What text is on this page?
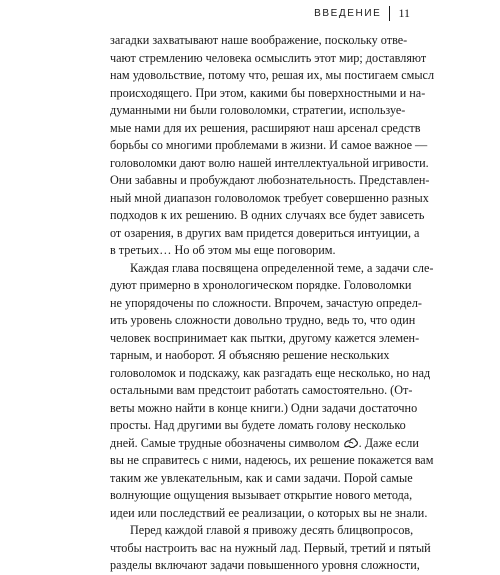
ВВЕДЕНИЕ 11
загадки захватывают наше воображение, поскольку отве-
чают стремлению человека осмыслить этот мир; доставляют
нам удовольствие, потому что, решая их, мы постигаем смысл
происходящего. При этом, какими бы поверхностными и на-
думанными ни были головоломки, стратегии, используе-
мые нами для их решения, расширяют наш арсенал средств
борьбы со многими проблемами в жизни. И самое важное —
головоломки дают волю нашей интеллектуальной игривости.
Они забавны и пробуждают любознательность. Представлен-
ный мной диапазон головоломок требует совершенно разных
подходов к их решению. В одних случаях все будет зависеть
от озарения, в других вам придется довериться интуиции, а
в третьих… Но об этом мы еще поговорим.
Каждая глава посвящена определенной теме, а задачи сле-
дуют примерно в хронологическом порядке. Головоломки
не упорядочены по сложности. Впрочем, зачастую определ-
ить уровень сложности довольно трудно, ведь то, что один
человек воспринимает как пытки, другому кажется элемен-
тарным, и наоборот. Я объясняю решение нескольких
головоломок и подскажу, как разгадать еще несколько, но над
остальными вам предстоит работать самостоятельно. (От-
веты можно найти в конце книги.) Одни задачи достаточно
просты. Над другими вы будете ломать голову несколько
дней. Самые трудные обозначены символом . Даже если
вы не справитесь с ними, надеюсь, их решение покажется вам
таким же увлекательным, как и сами задачи. Порой самые
волнующие ощущения вызывает открытие нового метода,
идеи или последствий ее реализации, о которых вы не знали.
Перед каждой главой я привожу десять блицвопросов,
чтобы настроить вас на нужный лад. Первый, третий и пятый
разделы включают задачи повышенного уровня сложности,
